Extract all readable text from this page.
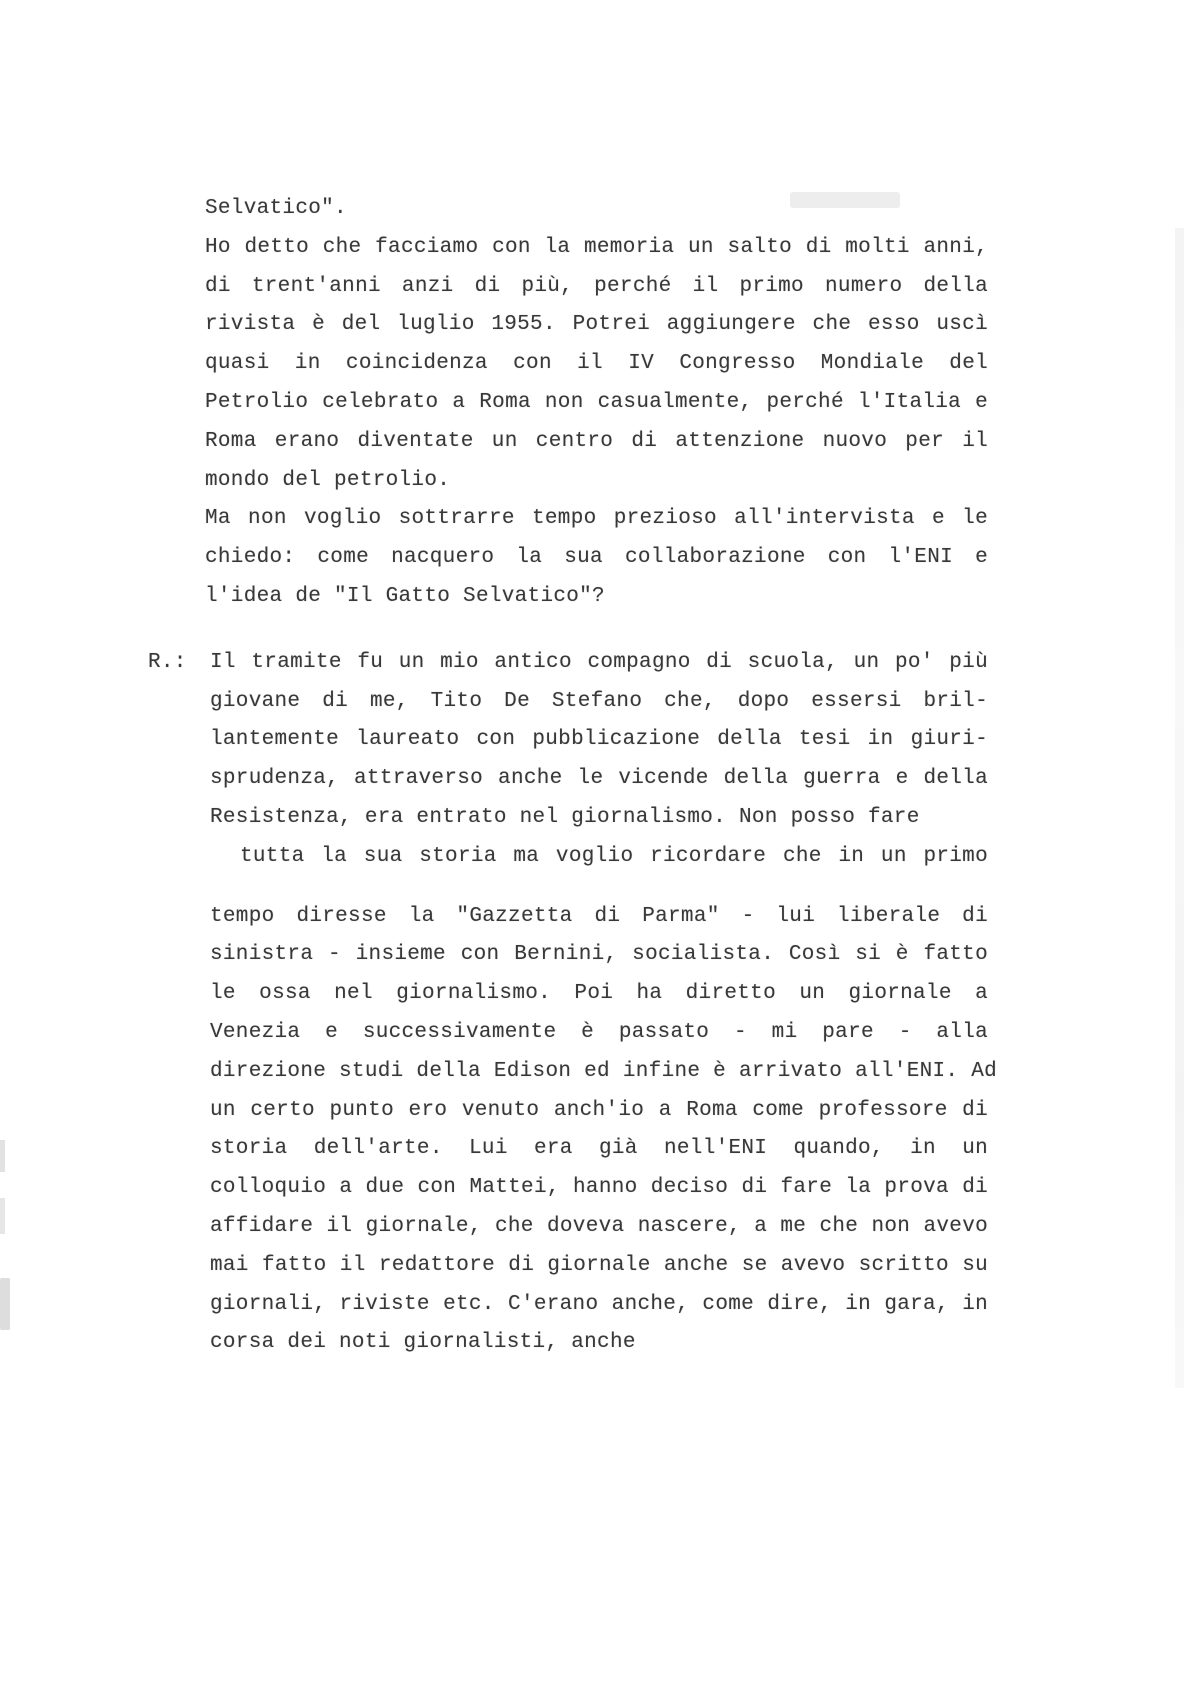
Selvatico".
Ho detto che facciamo con la memoria un salto di molti anni,
di trent'anni anzi di più, perché il primo numero della
rivista è del luglio 1955. Potrei aggiungere che esso uscì
quasi in coincidenza con il IV Congresso Mondiale del
Petrolio celebrato a Roma non casualmente, perché l'Italia e
Roma erano diventate un centro di attenzione nuovo per il
mondo del petrolio.
Ma non voglio sottrarre tempo prezioso all'intervista e le
chiedo: come nacquero la sua collaborazione con l'ENI e
l'idea de "Il Gatto Selvatico"?
R.: Il tramite fu un mio antico compagno di scuola, un po' più
giovane di me, Tito De Stefano che, dopo essersi bril-
lantemente laureato con pubblicazione della tesi in giuri-
sprudenza, attraverso anche le vicende della guerra e della
Resistenza, era entrato nel giornalismo. Non posso fare
tutta la sua storia ma voglio ricordare che in un primo
tempo diresse la "Gazzetta di Parma" - lui liberale di
sinistra - insieme con Bernini, socialista. Così si è fatto
le ossa nel giornalismo. Poi ha diretto un giornale a
Venezia e successivamente è passato - mi pare - alla
direzione studi della Edison ed infine è arrivato all'ENI. Ad
un certo punto ero venuto anch'io a Roma come professore di
storia dell'arte. Lui era già nell'ENI quando, in un
colloquio a due con Mattei, hanno deciso di fare la prova di
affidare il giornale, che doveva nascere, a me che non avevo
mai fatto il redattore di giornale anche se avevo scritto su
giornali, riviste etc. C'erano anche, come dire, in gara, in
corsa dei noti giornalisti, anche
